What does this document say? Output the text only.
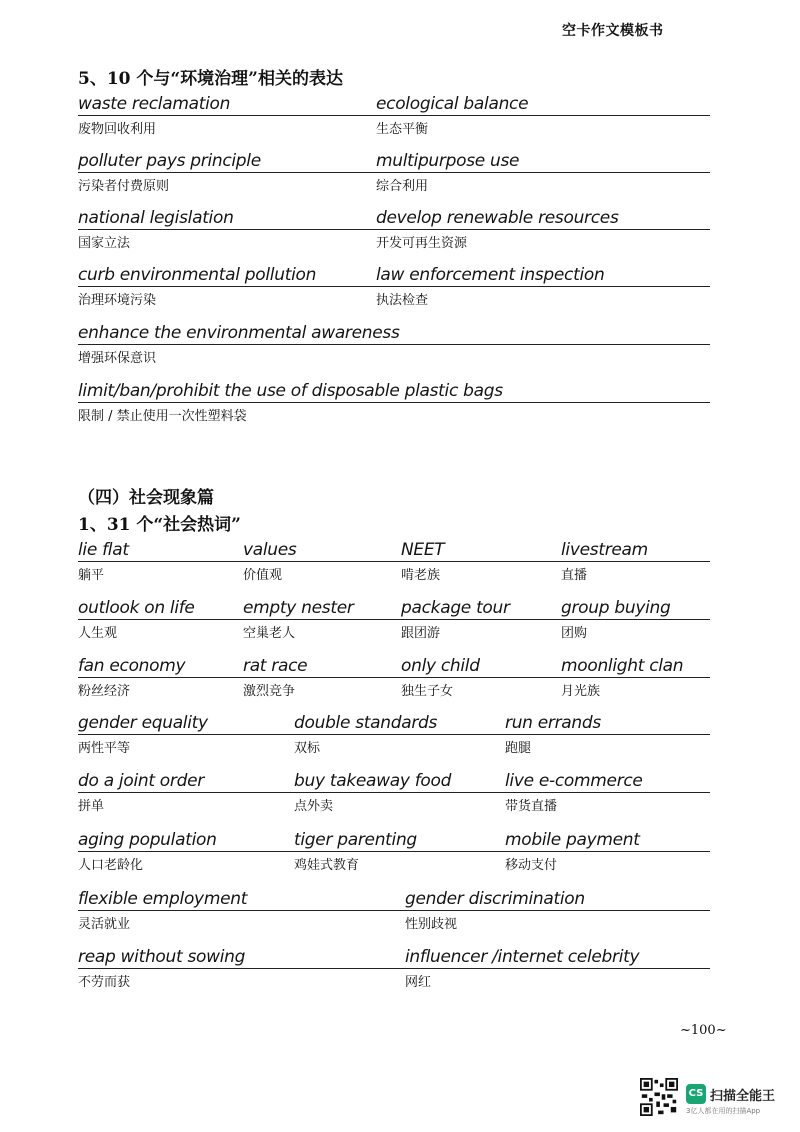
空卡作文模板书
5、10 个与“环境治理”相关的表达
waste reclamation
废物回收利用
ecological balance
生态平衡
polluter pays principle
污染者付费原则
multipurpose use
综合利用
national legislation
国家立法
develop renewable resources
开发可再生资源
curb environmental pollution
治理环境污染
law enforcement inspection
执法检查
enhance the environmental awareness
增强环保意识
limit/ban/prohibit the use of disposable plastic bags
限制 / 禁止使用一次性塑料袋
（四）社会现象篇
1、31 个“社会热词”
lie flat
躺平
values
价值观
NEET
啃老族
livestream
直播
outlook on life
人生观
empty nester
空巢老人
package tour
跟团游
group buying
团购
fan economy
粉丝经济
rat race
激烈竞争
only child
独生子女
moonlight clan
月光族
gender equality
两性平等
double standards
双标
run errands
跑腿
do a joint order
拼单
buy takeaway food
点外卖
live e-commerce
带货直播
aging population
人口老龄化
tiger parenting
鸡娃式教育
mobile payment
移动支付
flexible employment
灵活就业
gender discrimination
性别歧视
reap without sowing
不劳而获
influencer /internet celebrity
网红
~100~
CS 扫描全能王
3亿人都在用的扫描App
